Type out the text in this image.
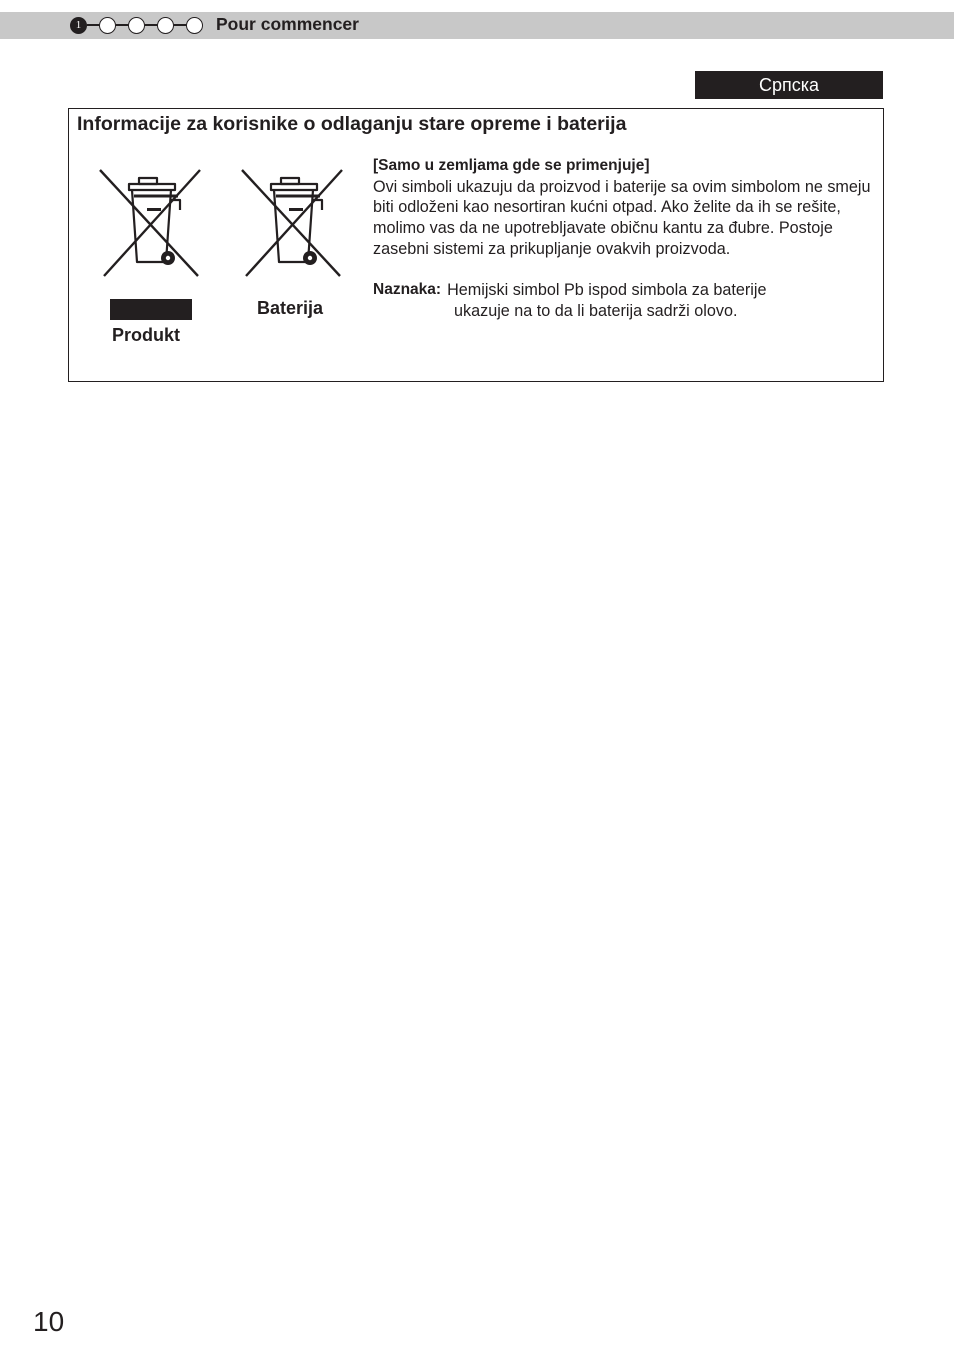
1	Pour commencer
Српска
Informacije za korisnike o odlaganju stare opreme i baterija
Produkt
Baterija
[Samo u zemljama gde se primenjuje]
Ovi simboli ukazuju da proizvod i baterije sa ovim simbolom ne smeju biti odloženi kao nesortiran kućni otpad. Ako želite da ih se rešite, molimo vas da ne upotrebljavate običnu kantu za đubre. Postoje zasebni sistemi za prikupljanje ovakvih proizvoda.
Naznaka: Hemijski simbol Pb ispod simbola za baterije
ukazuje na to da li baterija sadrži olovo.
10
